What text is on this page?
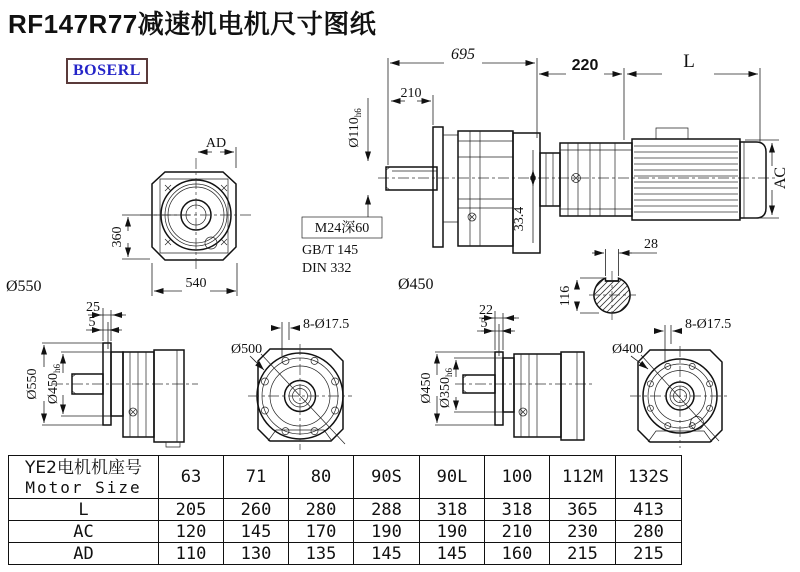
RF147R77减速机电机尺寸图纸
BOSERL
AD
360
540
Ø550
695
210
220	L
AC
$Ø110_{h6}$
33.4
M24深60
GB/T 145
DIN 332
Ø450
28
116
25
5
Ø550 $Ø450_{h6}$
8-Ø17.5
Ø500
22
5
Ø450 $Ø350_{h6}$
8-Ø17.5
Ø400
YE2电机机座号
Motor Size	63	71	80	90S	90L	100	112M	132S
L	205	260	280	288	318	318	365	413
AC	120	145	170	190	190	210	230	280
AD	110	130	135	145	145	160	215	215
